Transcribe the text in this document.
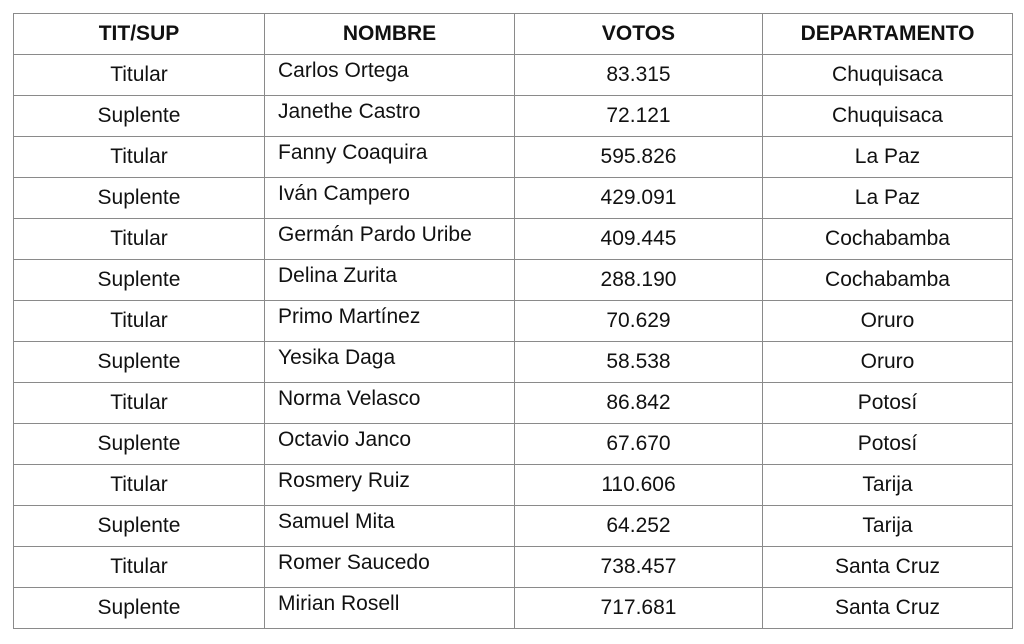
TIT/SUP	NOMBRE	VOTOS	DEPARTAMENTO
Titular	Carlos Ortega	83.315	Chuquisaca
Suplente	Janethe Castro	72.121	Chuquisaca
Titular	Fanny Coaquira	595.826	La Paz
Suplente	Iván Campero	429.091	La Paz
Titular	Germán Pardo Uribe	409.445	Cochabamba
Suplente	Delina Zurita	288.190	Cochabamba
Titular	Primo Martínez	70.629	Oruro
Suplente	Yesika Daga	58.538	Oruro
Titular	Norma Velasco	86.842	Potosí
Suplente	Octavio Janco	67.670	Potosí
Titular	Rosmery Ruiz	110.606	Tarija
Suplente	Samuel Mita	64.252	Tarija
Titular	Romer Saucedo	738.457	Santa Cruz
Suplente	Mirian Rosell	717.681	Santa Cruz
